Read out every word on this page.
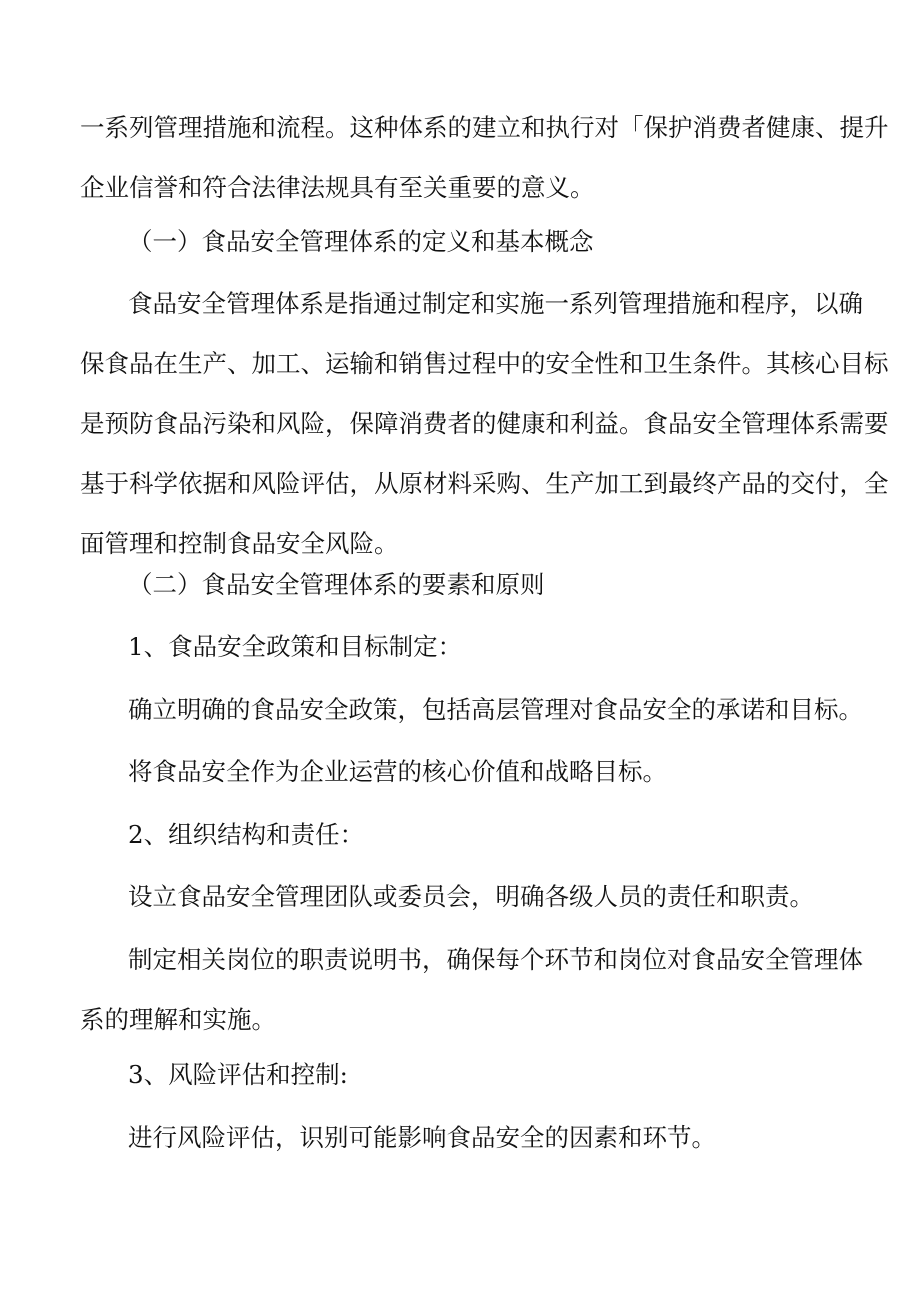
一系列管理措施和流程。这种体系的建立和执行对「保护消费者健康、提升
企业信誉和符合法律法规具有至关重要的意义。
（一）食品安全管理体系的定义和基本概念
食品安全管理体系是指通过制定和实施一系列管理措施和程序，以确
保食品在生产、加工、运输和销售过程中的安全性和卫生条件。其核心目标
是预防食品污染和风险，保障消费者的健康和利益。食品安全管理体系需要
基于科学依据和风险评估，从原材料采购、生产加工到最终产品的交付，全
面管理和控制食品安全风险。
（二）食品安全管理体系的要素和原则
1、食品安全政策和目标制定：
确立明确的食品安全政策，包括高层管理对食品安全的承诺和目标。
将食品安全作为企业运营的核心价值和战略目标。
2、组织结构和责任：
设立食品安全管理团队或委员会，明确各级人员的责任和职责。
制定相关岗位的职责说明书，确保每个环节和岗位对食品安全管理体
系的理解和实施。
3、风险评估和控制:
进行风险评估，识别可能影响食品安全的因素和环节。
